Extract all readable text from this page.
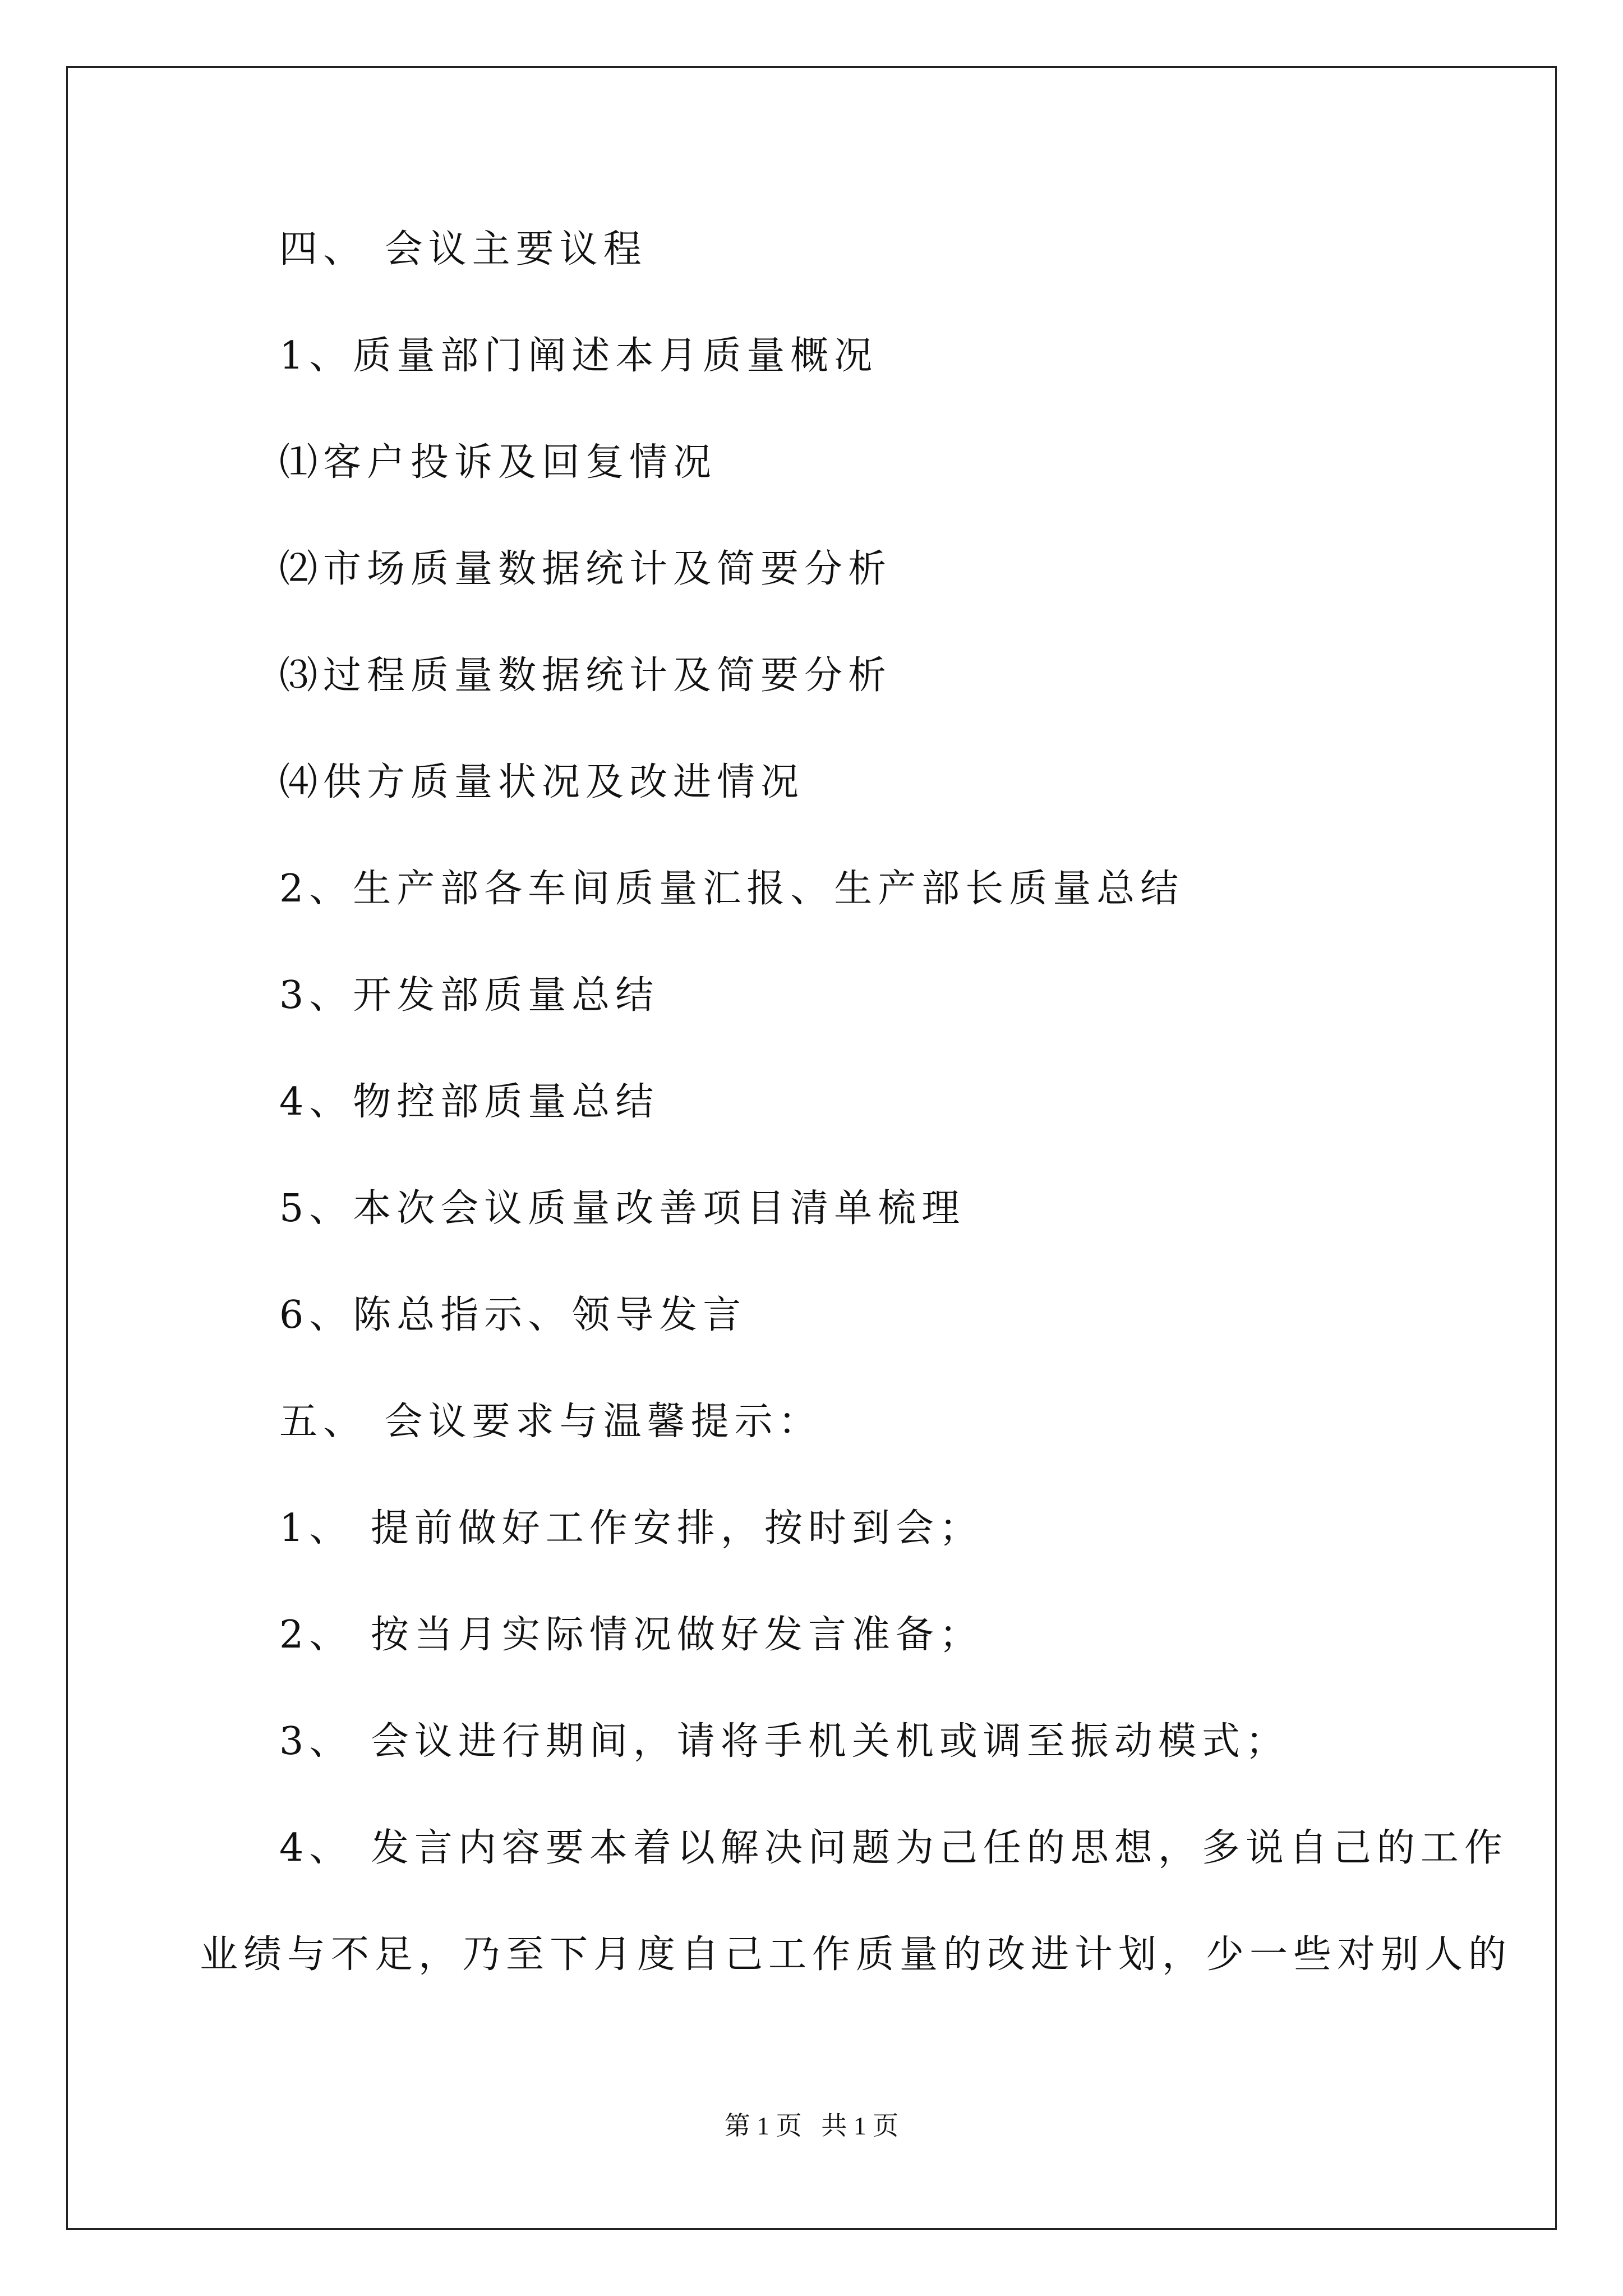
四、 会议主要议程
1、质量部门阐述本月质量概况
⑴客户投诉及回复情况
⑵市场质量数据统计及简要分析
⑶过程质量数据统计及简要分析
⑷供方质量状况及改进情况
2、生产部各车间质量汇报、生产部长质量总结
3、开发部质量总结
4、物控部质量总结
5、本次会议质量改善项目清单梳理
6、陈总指示、领导发言
五、 会议要求与温馨提示：
1、 提前做好工作安排，按时到会；
2、 按当月实际情况做好发言准备；
3、 会议进行期间，请将手机关机或调至振动模式；
4、 发言内容要本着以解决问题为己任的思想，多说自己的工作
业绩与不足，乃至下月度自己工作质量的改进计划，少一些对别人的
第 1 页   共 1 页
